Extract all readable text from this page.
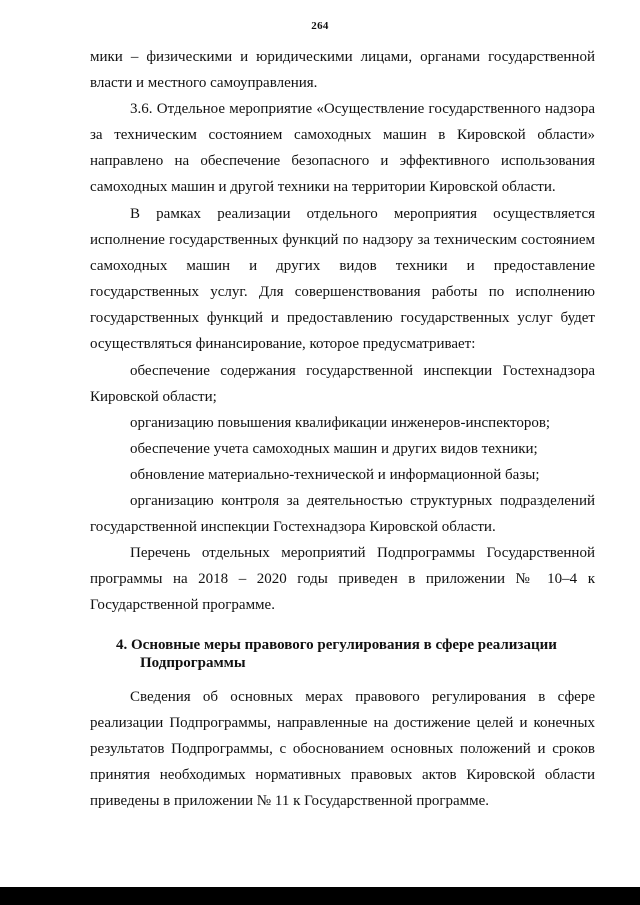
264

мики – физическими и юридическими лицами, органами государственной власти и местного самоуправления.

3.6. Отдельное мероприятие «Осуществление государственного надзора за техническим состоянием самоходных машин в Кировской области» направлено на обеспечение безопасного и эффективного использования самоходных машин и другой техники на территории Кировской области.

В рамках реализации отдельного мероприятия осуществляется исполнение государственных функций по надзору за техническим состоянием самоходных машин и других видов техники и предоставление государственных услуг. Для совершенствования работы по исполнению государственных функций и предоставлению государственных услуг будет осуществляться финансирование, которое предусматривает:

обеспечение содержания государственной инспекции Гостехнадзора Кировской области;

организацию повышения квалификации инженеров-инспекторов;

обеспечение учета самоходных машин и других видов техники;

обновление материально-технической и информационной базы;

организацию контроля за деятельностью структурных подразделений государственной инспекции Гостехнадзора Кировской области.

Перечень отдельных мероприятий Подпрограммы Государственной программы на 2018 – 2020 годы приведен в приложении № 10–4 к Государственной программе.

4. Основные меры правового регулирования в сфере реализации
Подпрограммы

Сведения об основных мерах правового регулирования в сфере реализации Подпрограммы, направленные на достижение целей и конечных результатов Подпрограммы, с обоснованием основных положений и сроков принятия необходимых нормативных правовых актов Кировской области приведены в приложении № 11 к Государственной программе.
